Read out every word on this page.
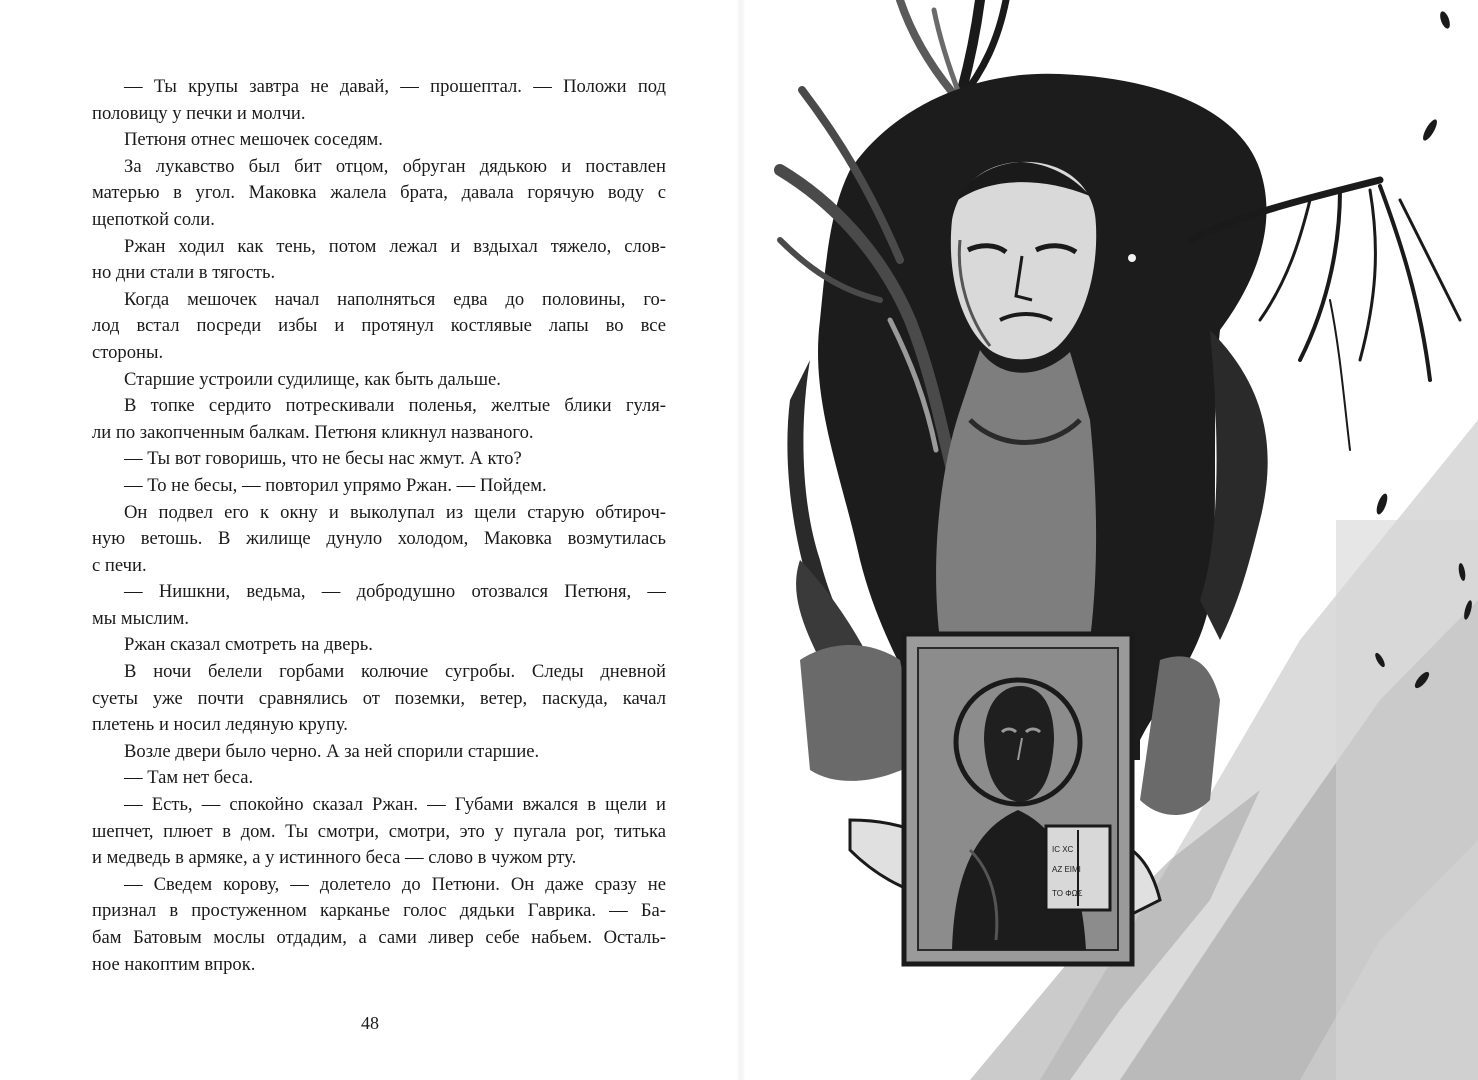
— Ты крупы завтра не давай, — прошептал. — Положи под
половицу у печки и молчи.
Петюня отнес мешочек соседям.
За лукавство был бит отцом, обруган дядькою и поставлен
матерью в угол. Маковка жалела брата, давала горячую воду с
щепоткой соли.
Ржан ходил как тень, потом лежал и вздыхал тяжело, слов-
но дни стали в тягость.
Когда мешочек начал наполняться едва до половины, го-
лод встал посреди избы и протянул костлявые лапы во все
стороны.
Старшие устроили судилище, как быть дальше.
В топке сердито потрескивали поленья, желтые блики гуля-
ли по закопченным балкам. Петюня кликнул названого.
— Ты вот говоришь, что не бесы нас жмут. А кто?
— То не бесы, — повторил упрямо Ржан. — Пойдем.
Он подвел его к окну и выколупал из щели старую обтироч-
ную ветошь. В жилище дунуло холодом, Маковка возмутилась
с печи.
— Нишкни, ведьма, — добродушно отозвался Петюня, —
мы мыслим.
Ржан сказал смотреть на дверь.
В ночи белели горбами колючие сугробы. Следы дневной
суеты уже почти сравнялись от поземки, ветер, паскуда, качал
плетень и носил ледяную крупу.
Возле двери было черно. А за ней спорили старшие.
— Там нет беса.
— Есть, — спокойно сказал Ржан. — Губами вжался в щели и
шепчет, плюет в дом. Ты смотри, смотри, это у пугала рог, титька
и медведь в армяке, а у истинного беса — слово в чужом рту.
— Сведем корову, — долетело до Петюни. Он даже сразу не
признал в простуженном карканье голос дядьки Гаврика. — Ба-
бам Батовым мослы отдадим, а сами ливер себе набьем. Осталь-
ное накоптим впрок.
48
IC XC
ΑΖ ΕΙΜΙ
ΤΟ ΦΩΣ
